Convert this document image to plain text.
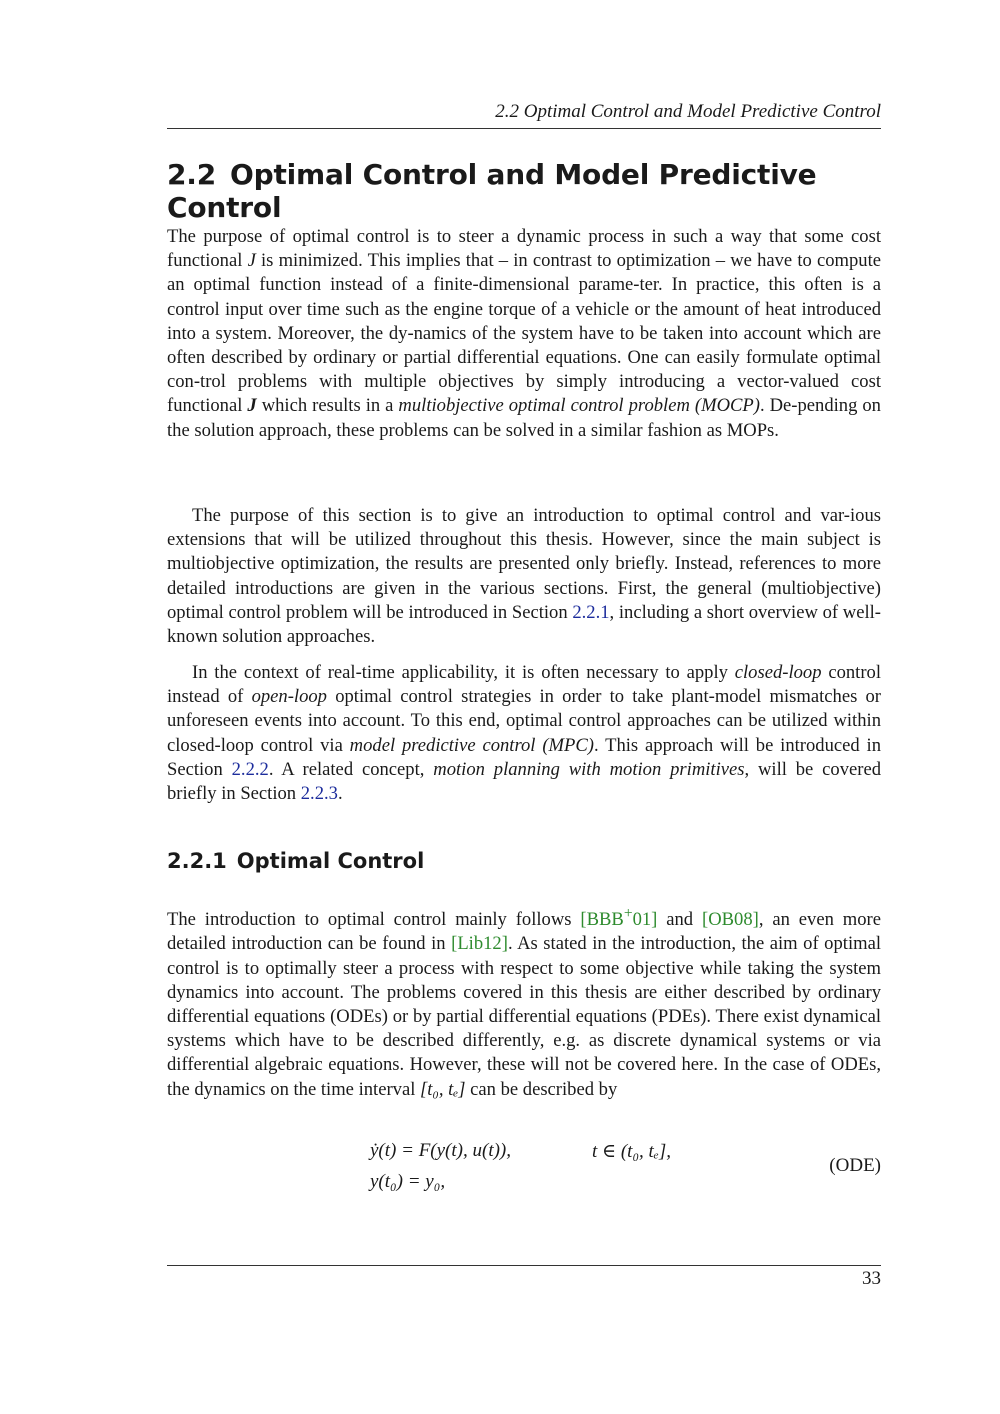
2.2 Optimal Control and Model Predictive Control
2.2 Optimal Control and Model Predictive Control

The purpose of optimal control is to steer a dynamic process in such a way that some cost functional J is minimized. This implies that – in contrast to optimization – we have to compute an optimal function instead of a finite-dimensional parame-​ter. In practice, this often is a control input over time such as the engine torque of a vehicle or the amount of heat introduced into a system. Moreover, the dy-​namics of the system have to be taken into account which are often described by ordinary or partial differential equations. One can easily formulate optimal con-​trol problems with multiple objectives by simply introducing a vector-valued cost functional J which results in a multiobjective optimal control problem (MOCP). De-​pending on the solution approach, these problems can be solved in a similar fashion as MOPs.

The purpose of this section is to give an introduction to optimal control and var-​ious extensions that will be utilized throughout this thesis. However, since the main subject is multiobjective optimization, the results are presented only briefly. Instead, references to more detailed introductions are given in the various sections. First, the general (multiobjective) optimal control problem will be introduced in Section 2.2.1, including a short overview of well-known solution approaches.

In the context of real-time applicability, it is often necessary to apply closed-​loop control instead of open-loop optimal control strategies in order to take plant-​model mismatches or unforeseen events into account. To this end, optimal control approaches can be utilized within closed-loop control via model predictive control (MPC). This approach will be introduced in Section 2.2.2. A related concept, motion planning with motion primitives, will be covered briefly in Section 2.2.3.

2.2.1 Optimal Control

The introduction to optimal control mainly follows [BBB+01] and [OB08], an even more detailed introduction can be found in [Lib12]. As stated in the introduction, the aim of optimal control is to optimally steer a process with respect to some objective while taking the system dynamics into account. The problems covered in this thesis are either described by ordinary differential equations (ODEs) or by partial differential equations (PDEs). There exist dynamical systems which have to be described differently, e.g. as discrete dynamical systems or via differential algebraic equations. However, these will not be covered here. In the case of ODEs, the dynamics on the time interval [t₀, tₑ] can be described by

ẏ(t) = F(y(t), u(t)),	t ∈ (t₀, tₑ],
y(t₀) = y₀,
(ODE)
33
